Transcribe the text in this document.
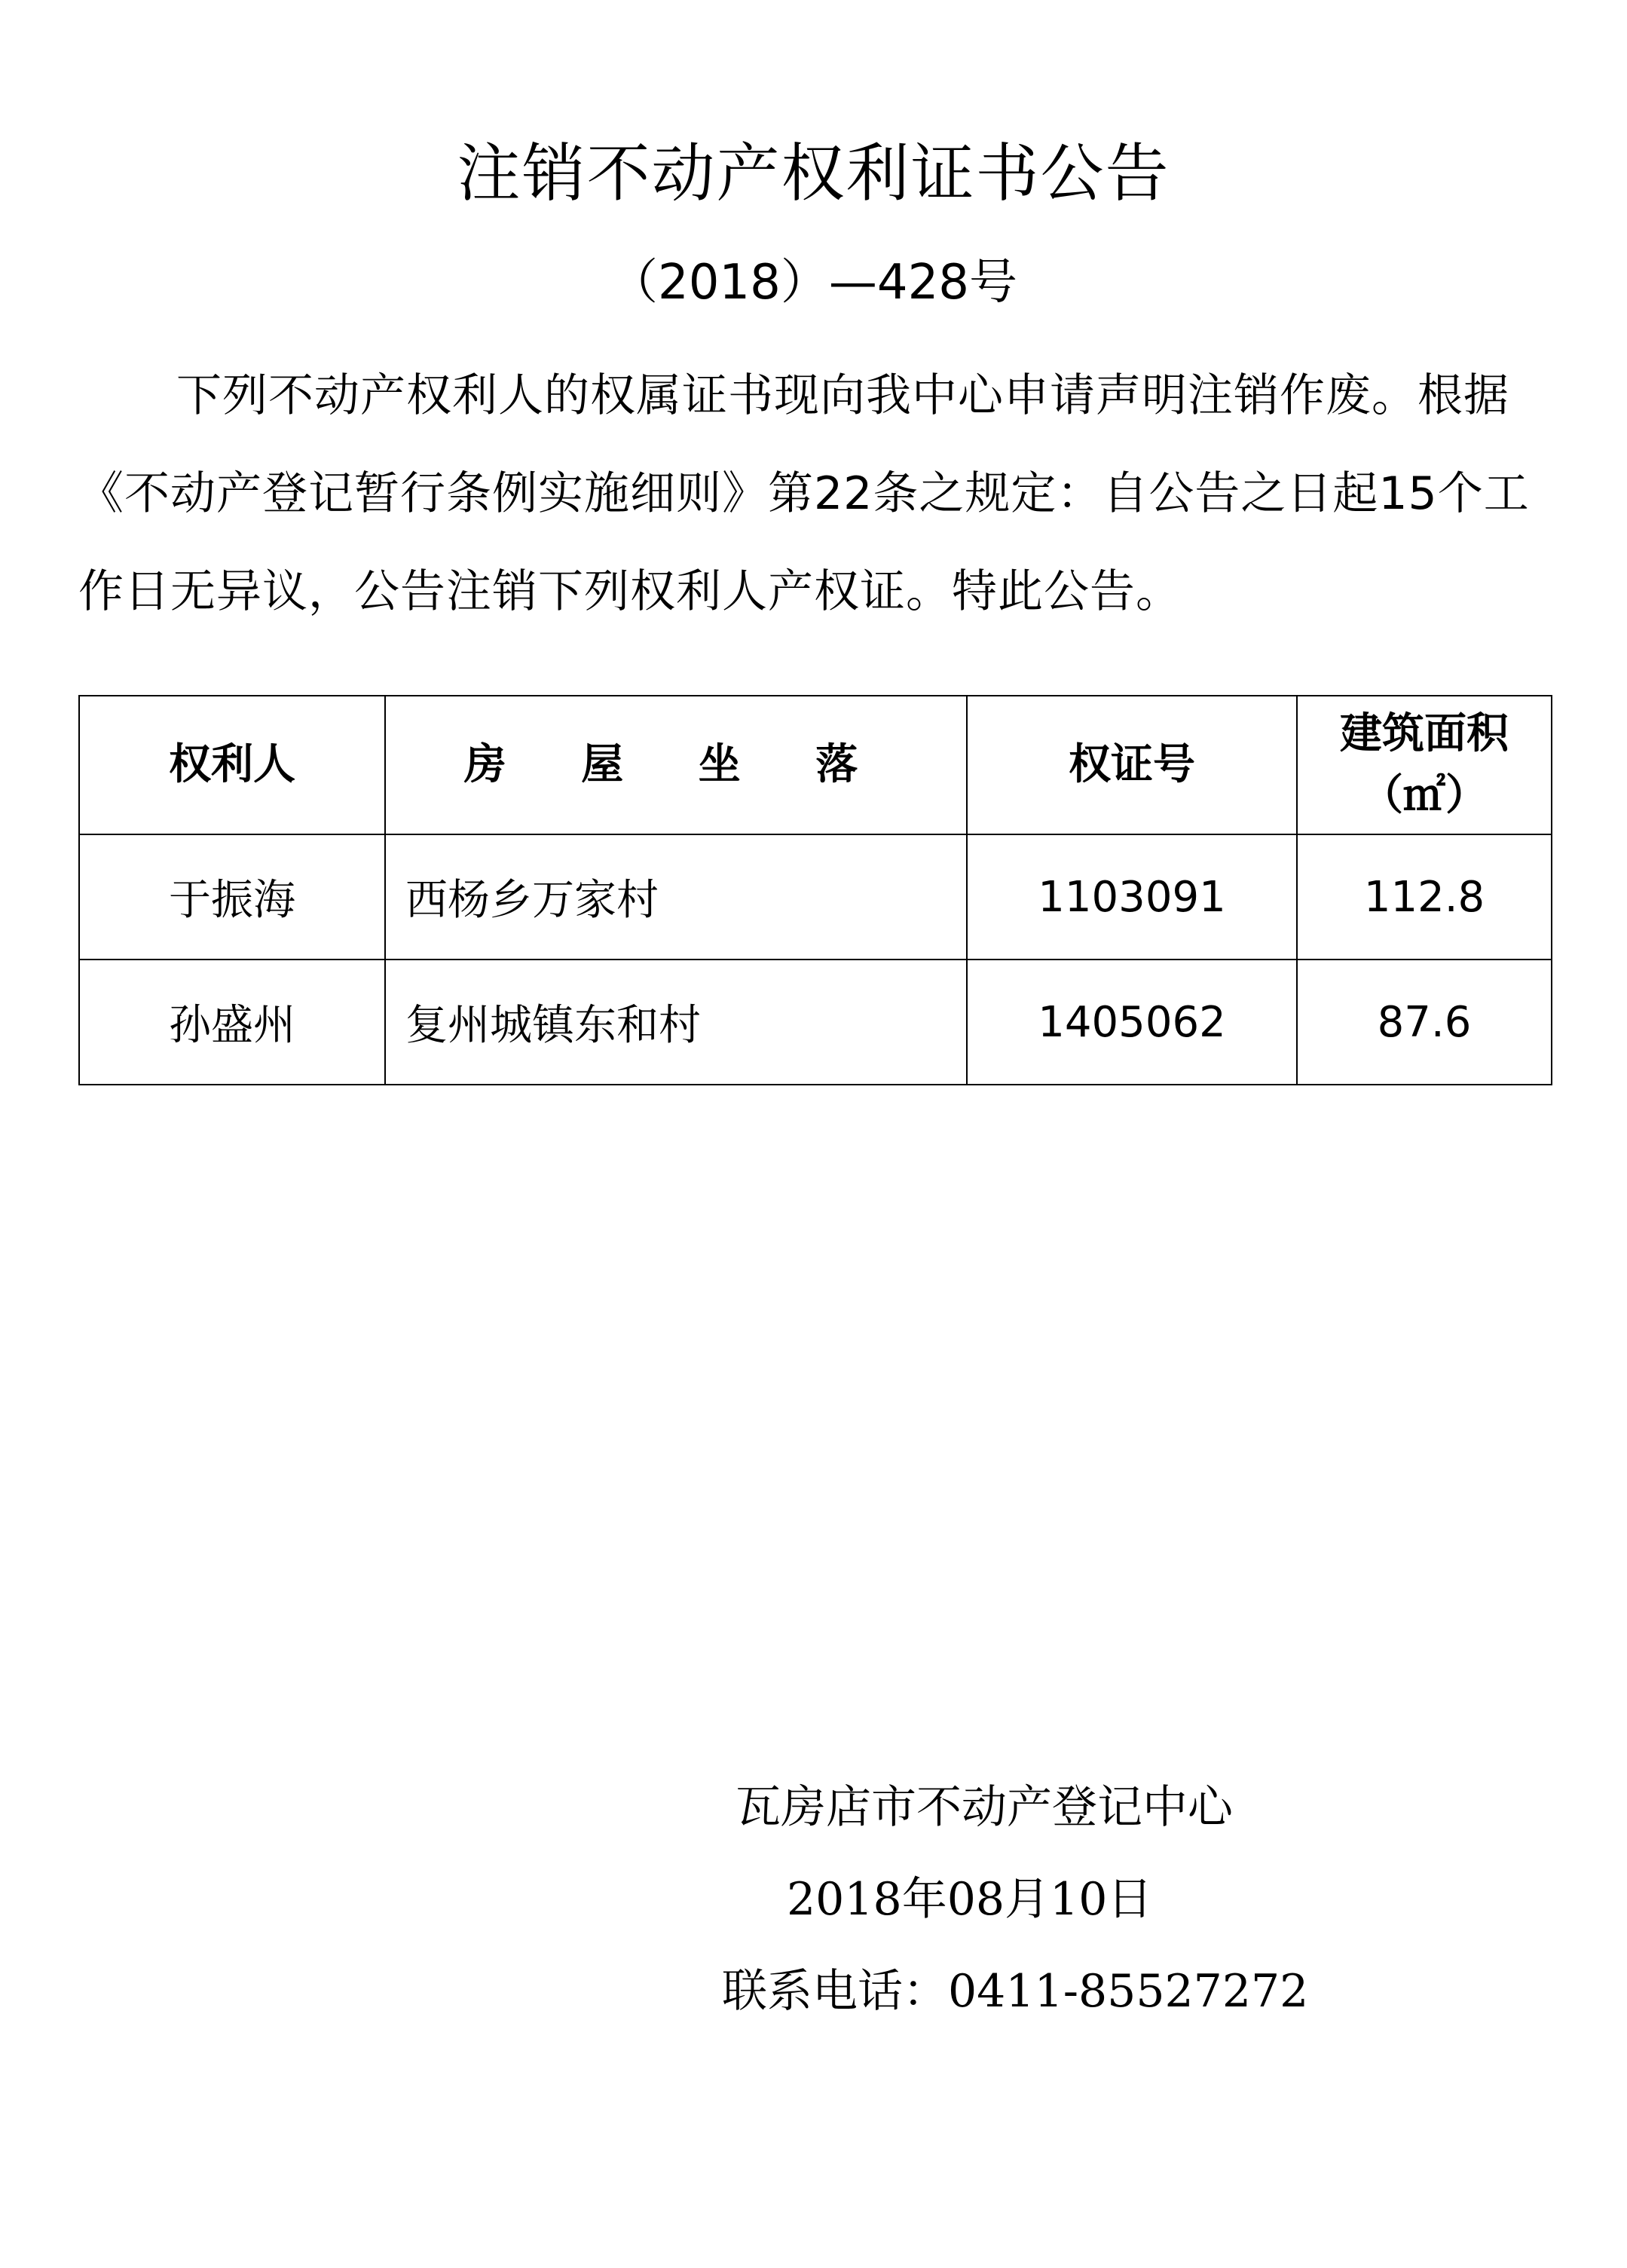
注销不动产权利证书公告
（2018）—428号

下列不动产权利人的权属证书现向我中心申请声明注销作废。根据《不动产登记暂行条例实施细则》第22条之规定：自公告之日起15个工作日无异议，公告注销下列权利人产权证。特此公告。

权利人	房 屋 坐 落	权证号	建筑面积
（㎡）

于振海	西杨乡万家村	1103091	112.8
孙盛州	复州城镇东和村	1405062	87.6
瓦房店市不动产登记中心
2018年08月10日
联系电话：0411-85527272
